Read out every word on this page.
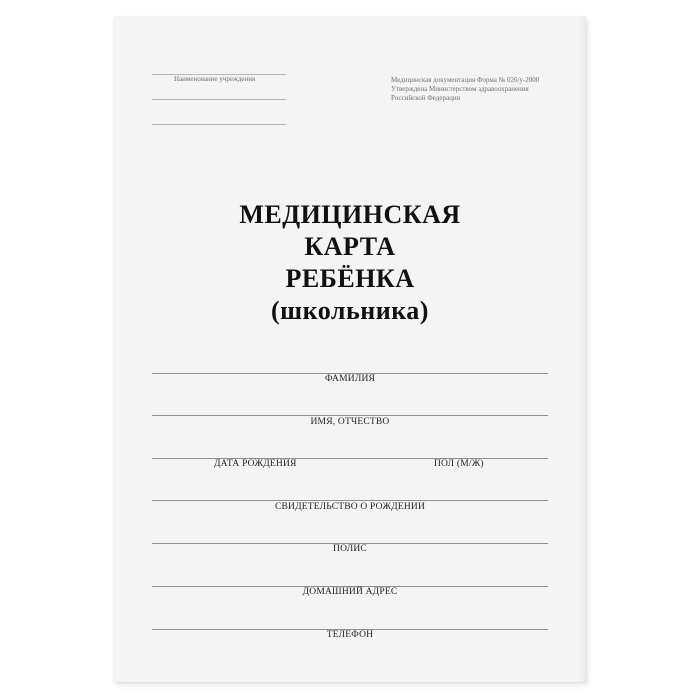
Наименование учреждения	Медицинская документация Форма № 026/у-2000
Утверждена Министерством здравоохранения
Российской Федерации
МЕДИЦИНСКАЯ
КАРТА
РЕБЁНКА
(школьника)
ФАМИЛИЯ
ИМЯ, ОТЧЕСТВО
ДАТА РОЖДЕНИЯ	ПОЛ (М/Ж)
СВИДЕТЕЛЬСТВО О РОЖДЕНИИ
ПОЛИС
ДОМАШНИЙ АДРЕС
ТЕЛЕФОН
